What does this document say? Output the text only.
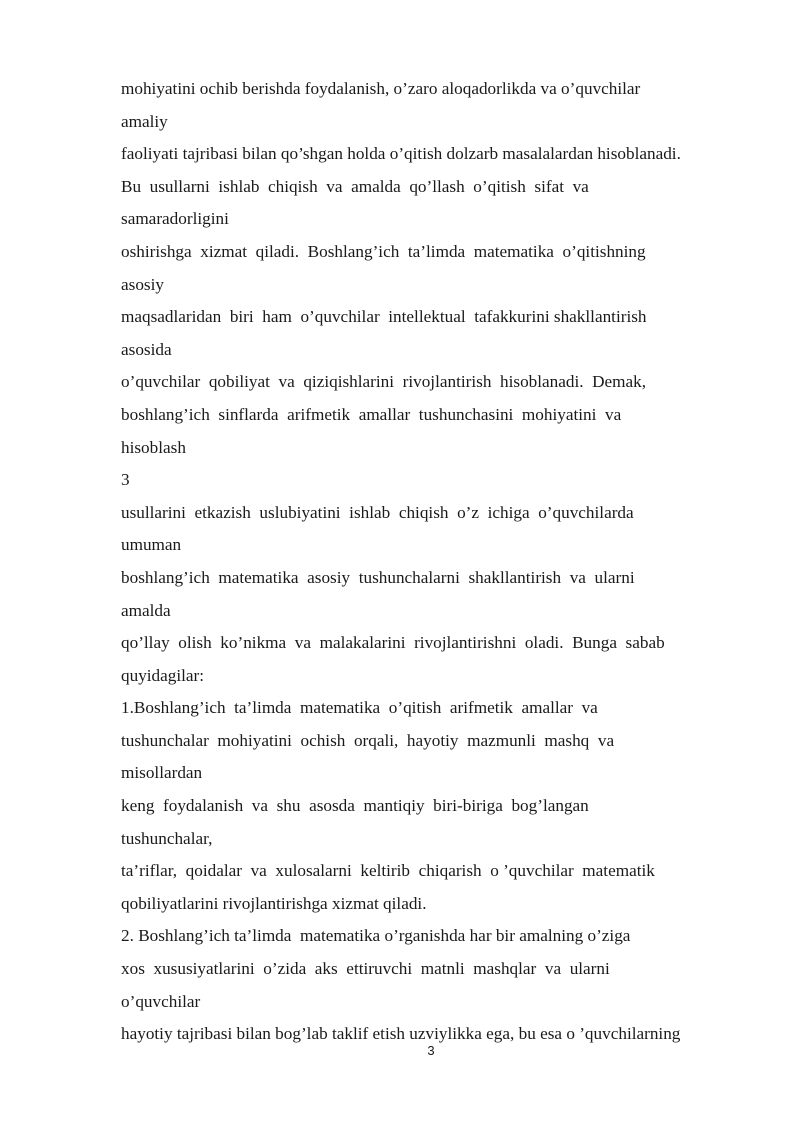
mohiyatini ochib berishda foydalanish, o’zaro aloqadorlikda va o’quvchilar
amaliy
faoliyati tajribasi bilan qo’shgan holda o’qitish dolzarb masalalardan hisoblanadi.
Bu  usullarni  ishlab  chiqish  va  amalda  qo’llash  o’qitish  sifat  va
samaradorligini
oshirishga  xizmat  qiladi.  Boshlang’ich  ta’limda  matematika  o’qitishning
asosiy
maqsadlaridan  biri  ham  o’quvchilar  intellektual  tafakkurini shakllantirish
asosida
o’quvchilar  qobiliyat  va  qiziqishlarini  rivojlantirish  hisoblanadi.  Demak,
boshlang’ich  sinflarda  arifmetik  amallar  tushunchasini  mohiyatini  va
hisoblash
3
usullarini  etkazish  uslubiyatini  ishlab  chiqish  o’z  ichiga  o’quvchilarda
umuman
boshlang’ich  matematika  asosiy  tushunchalarni  shakllantirish  va  ularni
amalda
qo’llay  olish  ko’nikma  va  malakalarini  rivojlantirishni  oladi.  Bunga  sabab
quyidagilar:
1.Boshlang’ich  ta’limda  matematika  o’qitish  arifmetik  amallar  va
tushunchalar  mohiyatini  ochish  orqali,  hayotiy  mazmunli  mashq  va
misollardan
keng  foydalanish  va  shu  asosda  mantiqiy  biri-biriga  bog’langan
tushunchalar,
ta’riflar,  qoidalar  va  xulosalarni  keltirib  chiqarish  o ’quvchilar  matematik
qobiliyatlarini rivojlantirishga xizmat qiladi.
2. Boshlang’ich ta’limda  matematika o’rganishda har bir amalning o’ziga
xos  xususiyatlarini  o’zida  aks  ettiruvchi  matnli  mashqlar  va  ularni
o’quvchilar
hayotiy tajribasi bilan bog’lab taklif etish uzviylikka ega, bu esa o ’quvchilarning
3
